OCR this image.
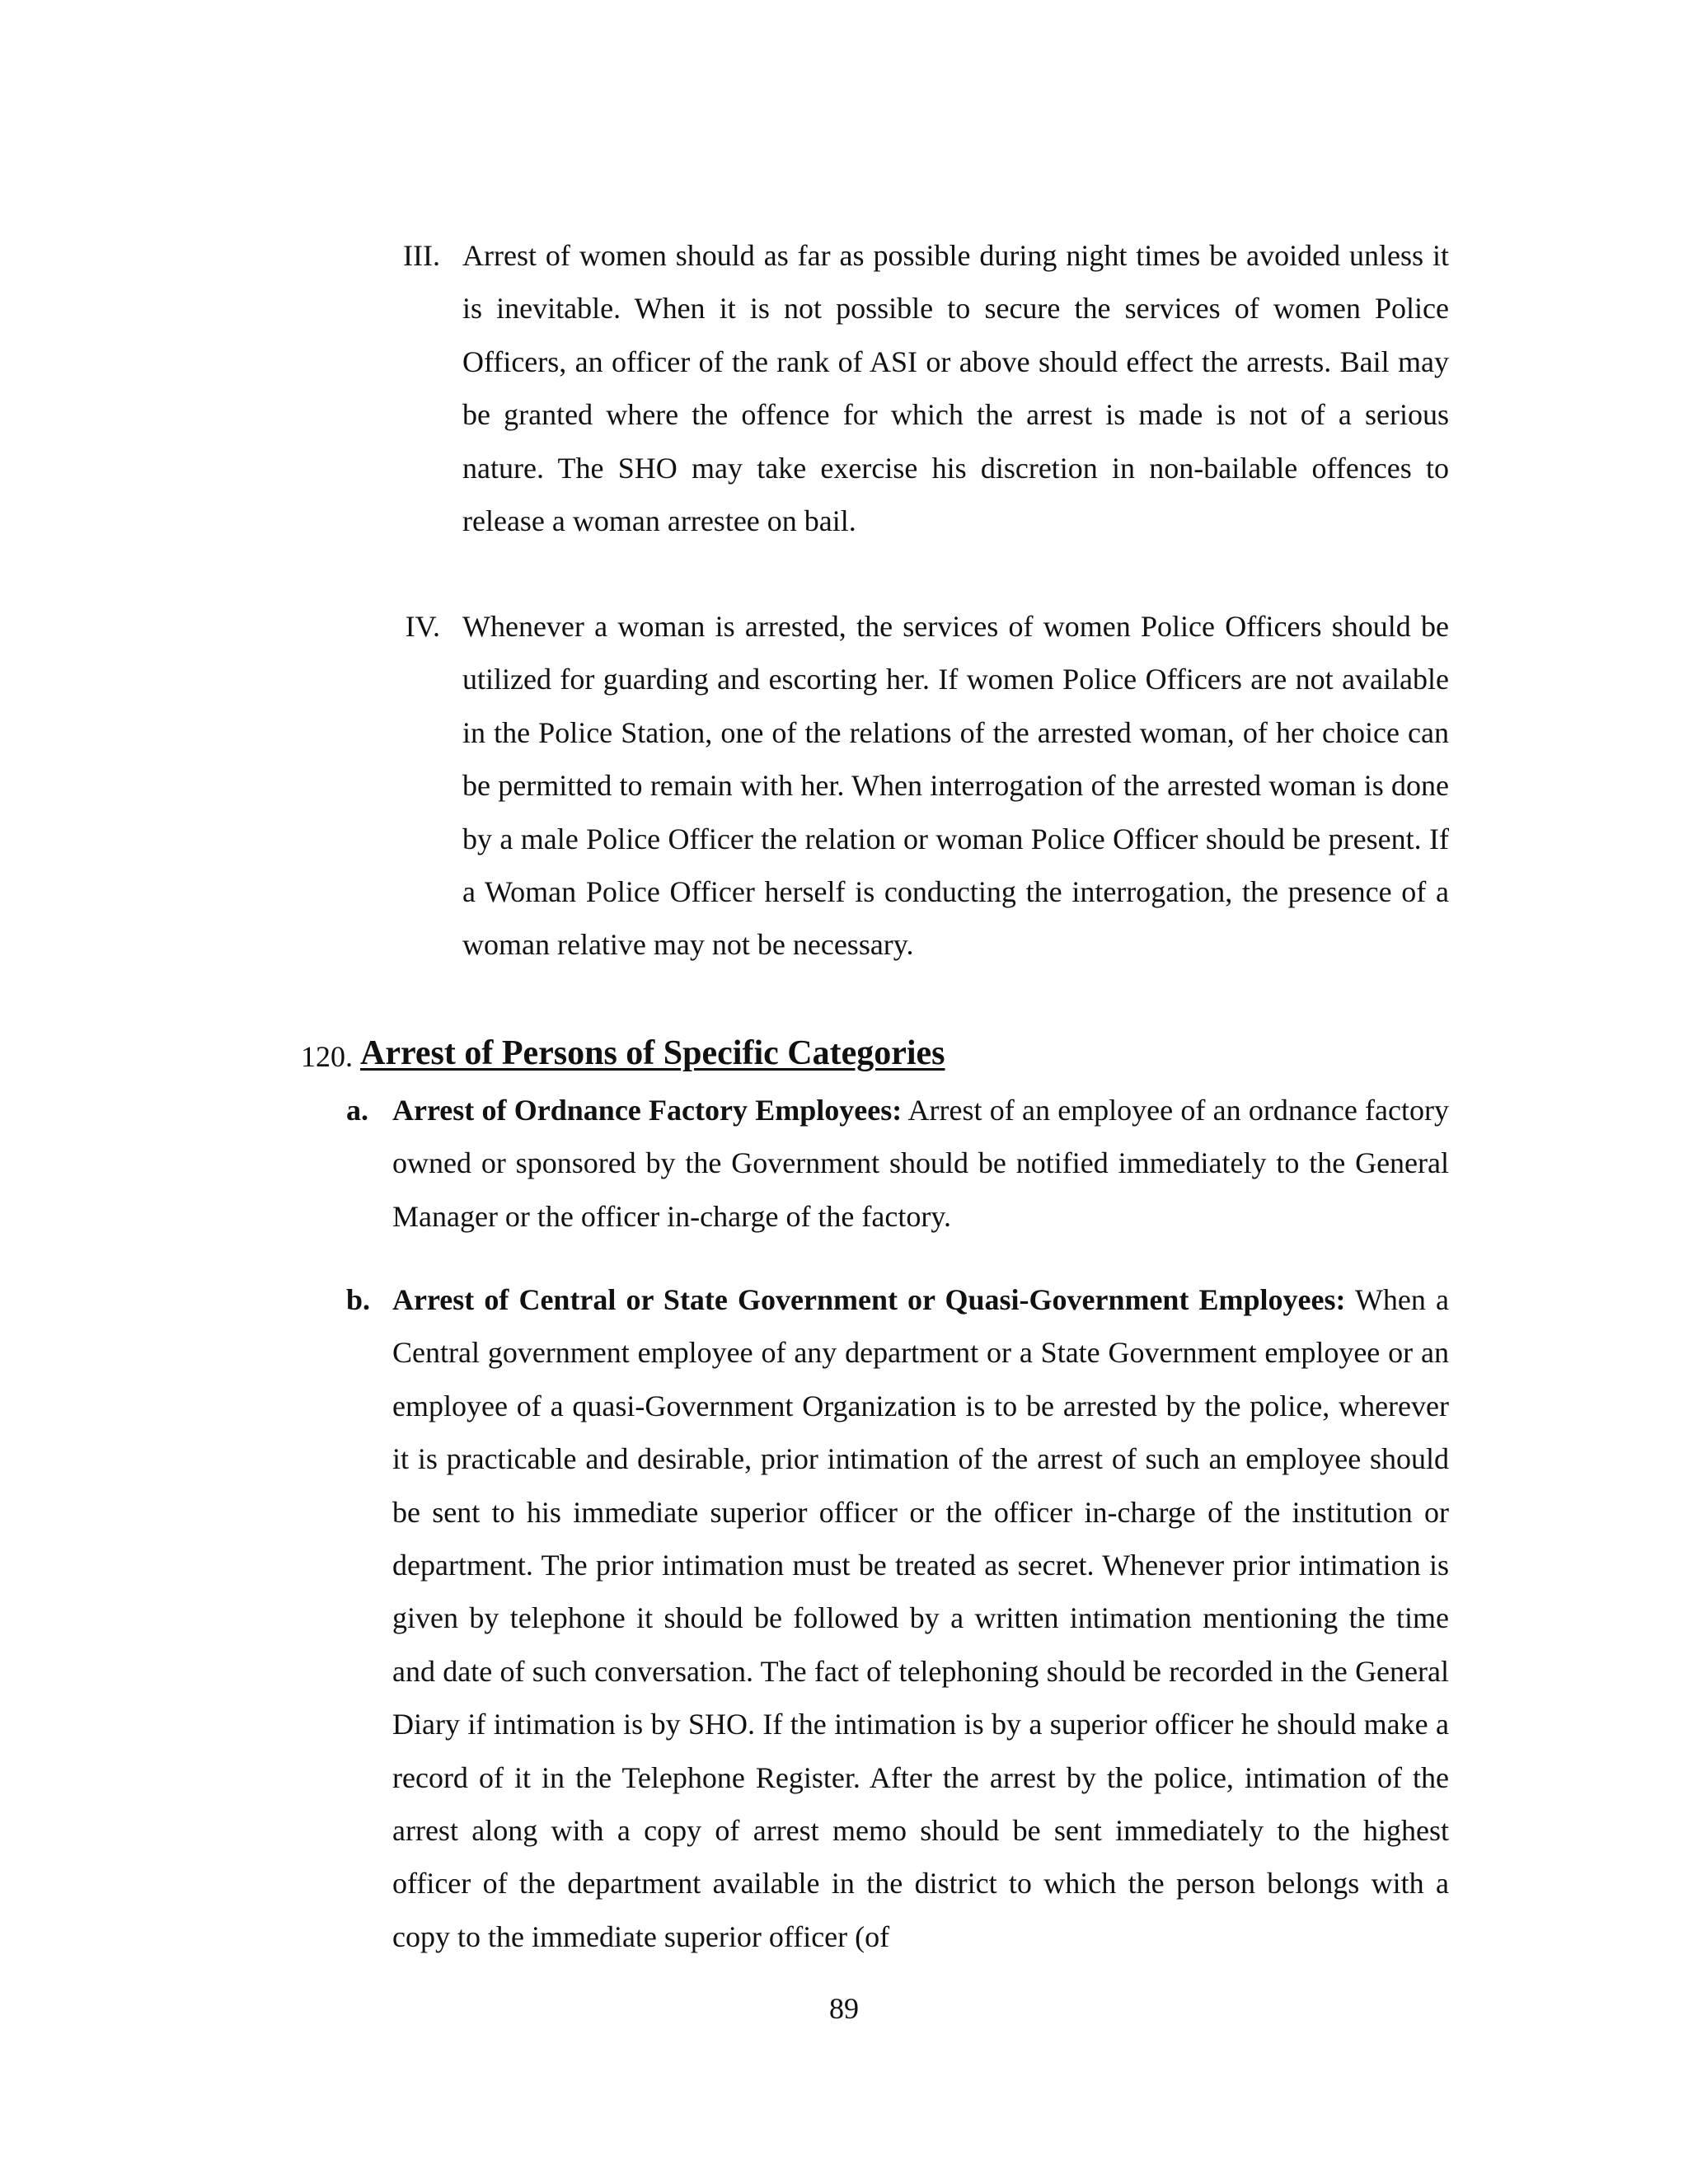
III. Arrest of women should as far as possible during night times be avoided unless it is inevitable. When it is not possible to secure the services of women Police Officers, an officer of the rank of ASI or above should effect the arrests. Bail may be granted where the offence for which the arrest is made is not of a serious nature. The SHO may take exercise his discretion in non-bailable offences to release a woman arrestee on bail.
IV. Whenever a woman is arrested, the services of women Police Officers should be utilized for guarding and escorting her. If women Police Officers are not available in the Police Station, one of the relations of the arrested woman, of her choice can be permitted to remain with her. When interrogation of the arrested woman is done by a male Police Officer the relation or woman Police Officer should be present. If a Woman Police Officer herself is conducting the interrogation, the presence of a woman relative may not be necessary.
120. Arrest of Persons of Specific Categories
a. Arrest of Ordnance Factory Employees: Arrest of an employee of an ordnance factory owned or sponsored by the Government should be notified immediately to the General Manager or the officer in-charge of the factory.
b. Arrest of Central or State Government or Quasi-Government Employees: When a Central government employee of any department or a State Government employee or an employee of a quasi-Government Organization is to be arrested by the police, wherever it is practicable and desirable, prior intimation of the arrest of such an employee should be sent to his immediate superior officer or the officer in-charge of the institution or department. The prior intimation must be treated as secret. Whenever prior intimation is given by telephone it should be followed by a written intimation mentioning the time and date of such conversation. The fact of telephoning should be recorded in the General Diary if intimation is by SHO. If the intimation is by a superior officer he should make a record of it in the Telephone Register. After the arrest by the police, intimation of the arrest along with a copy of arrest memo should be sent immediately to the highest officer of the department available in the district to which the person belongs with a copy to the immediate superior officer (of
89
